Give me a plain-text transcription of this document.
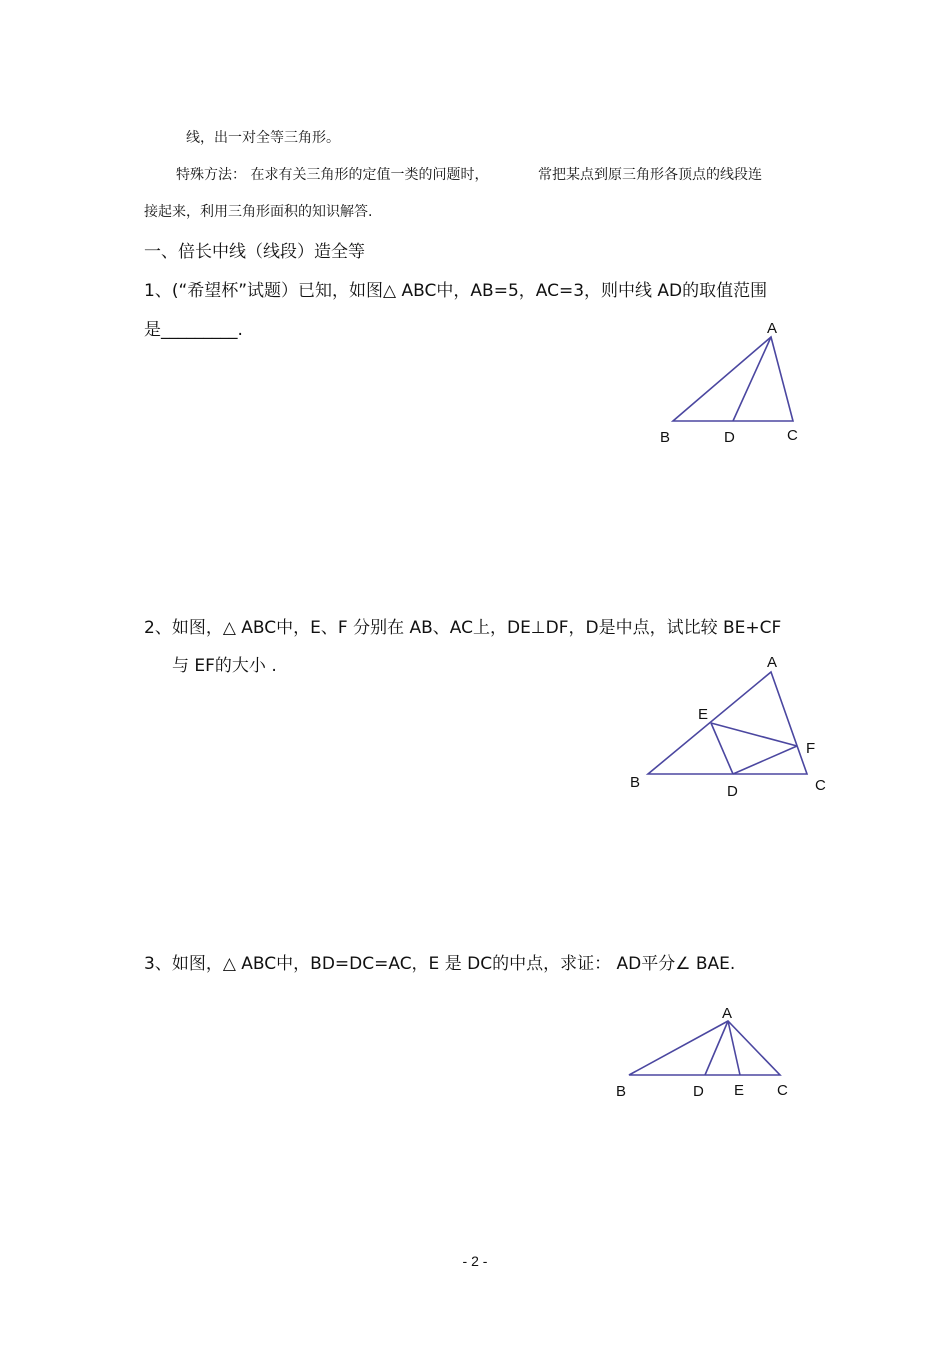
线，出一对全等三角形。
特殊方法： 在求有关三角形的定值一类的问题时，	常把某点到原三角形各顶点的线段连
接起来，利用三角形面积的知识解答.
一、倍长中线（线段）造全等
1、(“希望杯”试题）已知，如图△ ABC中，AB=5，AC=3，则中线 AD的取值范围
是_________.
2、如图，△ ABC中，E、F 分别在 AB、AC上，DE⊥DF，D是中点，试比较 BE+CF
与 EF的大小 .
3、如图，△ ABC中，BD=DC=AC，E 是 DC的中点，求证： AD平分∠ BAE.
A
B	D	C
A
E
F
B
D	C
A
B	D E C
- 2 -
